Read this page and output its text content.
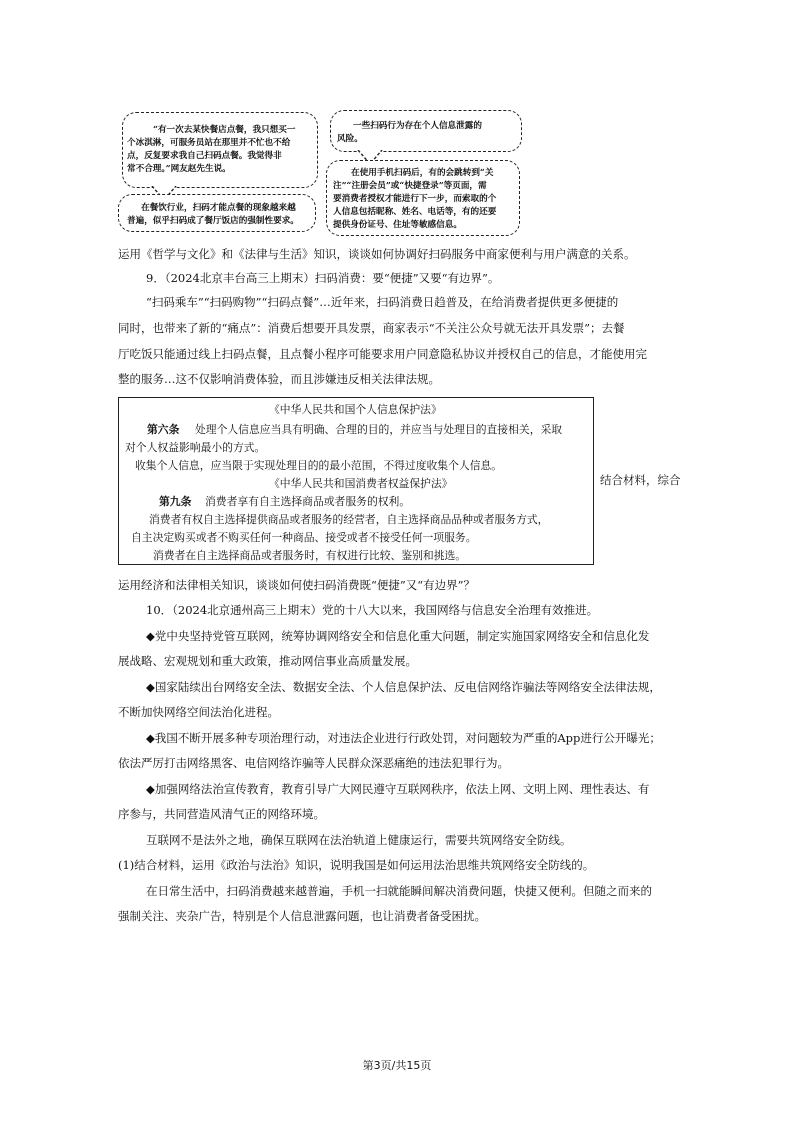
“有一次去某快餐店点餐，我只想买一
个冰淇淋，可服务员站在那里并不忙也不给
点，反复要求我自己扫码点餐。我觉得非
常不合理。”网友赵先生说。
在餐饮行业，扫码才能点餐的现象越来越
普遍，似乎扫码成了餐厅饭店的强制性要求。
一些扫码行为存在个人信息泄露的
风险。
在使用手机扫码后，有的会跳转到“关
注”“注册会员”或“快捷登录”等页面，需
要消费者授权才能进行下一步，而索取的个
人信息包括昵称、姓名、电话等，有的还要
提供身份证号、住址等敏感信息。
运用《哲学与文化》和《法律与生活》知识，谈谈如何协调好扫码服务中商家便利与用户满意的关系。
9．（2024北京丰台高三上期末）扫码消费：要“便捷”又要“有边界”。
“扫码乘车”“扫码购物”“扫码点餐”…近年来，扫码消费日趋普及，在给消费者提供更多便捷的
同时，也带来了新的“痛点”：消费后想要开具发票，商家表示“不关注公众号就无法开具发票”；去餐
厅吃饭只能通过线上扫码点餐，且点餐小程序可能要求用户同意隐私协议并授权自己的信息，才能使用完
整的服务…这不仅影响消费体验，而且涉嫌违反相关法律法规。
《中华人民共和国个人信息保护法》
第六条 处理个人信息应当具有明确、合理的目的，并应当与处理目的直接相关，采取
对个人权益影响最小的方式。
收集个人信息，应当限于实现处理目的的最小范围，不得过度收集个人信息。
《中华人民共和国消费者权益保护法》
第九条 消费者享有自主选择商品或者服务的权利。
消费者有权自主选择提供商品或者服务的经营者，自主选择商品品种或者服务方式，
自主决定购买或者不购买任何一种商品、接受或者不接受任何一项服务。
消费者在自主选择商品或者服务时，有权进行比较、鉴别和挑选。
结合材料，综合
运用经济和法律相关知识，谈谈如何使扫码消费既“便捷”又“有边界”？
10．（2024北京通州高三上期末）党的十八大以来，我国网络与信息安全治理有效推进。
◆党中央坚持党管互联网，统筹协调网络安全和信息化重大问题，制定实施国家网络安全和信息化发
展战略、宏观规划和重大政策，推动网信事业高质量发展。
◆国家陆续出台网络安全法、数据安全法、个人信息保护法、反电信网络诈骗法等网络安全法律法规，
不断加快网络空间法治化进程。
◆我国不断开展多种专项治理行动，对违法企业进行行政处罚，对问题较为严重的App进行公开曝光；
依法严厉打击网络黑客、电信网络诈骗等人民群众深恶痛绝的违法犯罪行为。
◆加强网络法治宣传教育，教育引导广大网民遵守互联网秩序，依法上网、文明上网、理性表达、有
序参与，共同营造风清气正的网络环境。
互联网不是法外之地，确保互联网在法治轨道上健康运行，需要共筑网络安全防线。
(1)结合材料，运用《政治与法治》知识，说明我国是如何运用法治思维共筑网络安全防线的。
在日常生活中，扫码消费越来越普遍，手机一扫就能瞬间解决消费问题，快捷又便利。但随之而来的
强制关注、夹杂广告，特别是个人信息泄露问题，也让消费者备受困扰。
第3页/共15页
